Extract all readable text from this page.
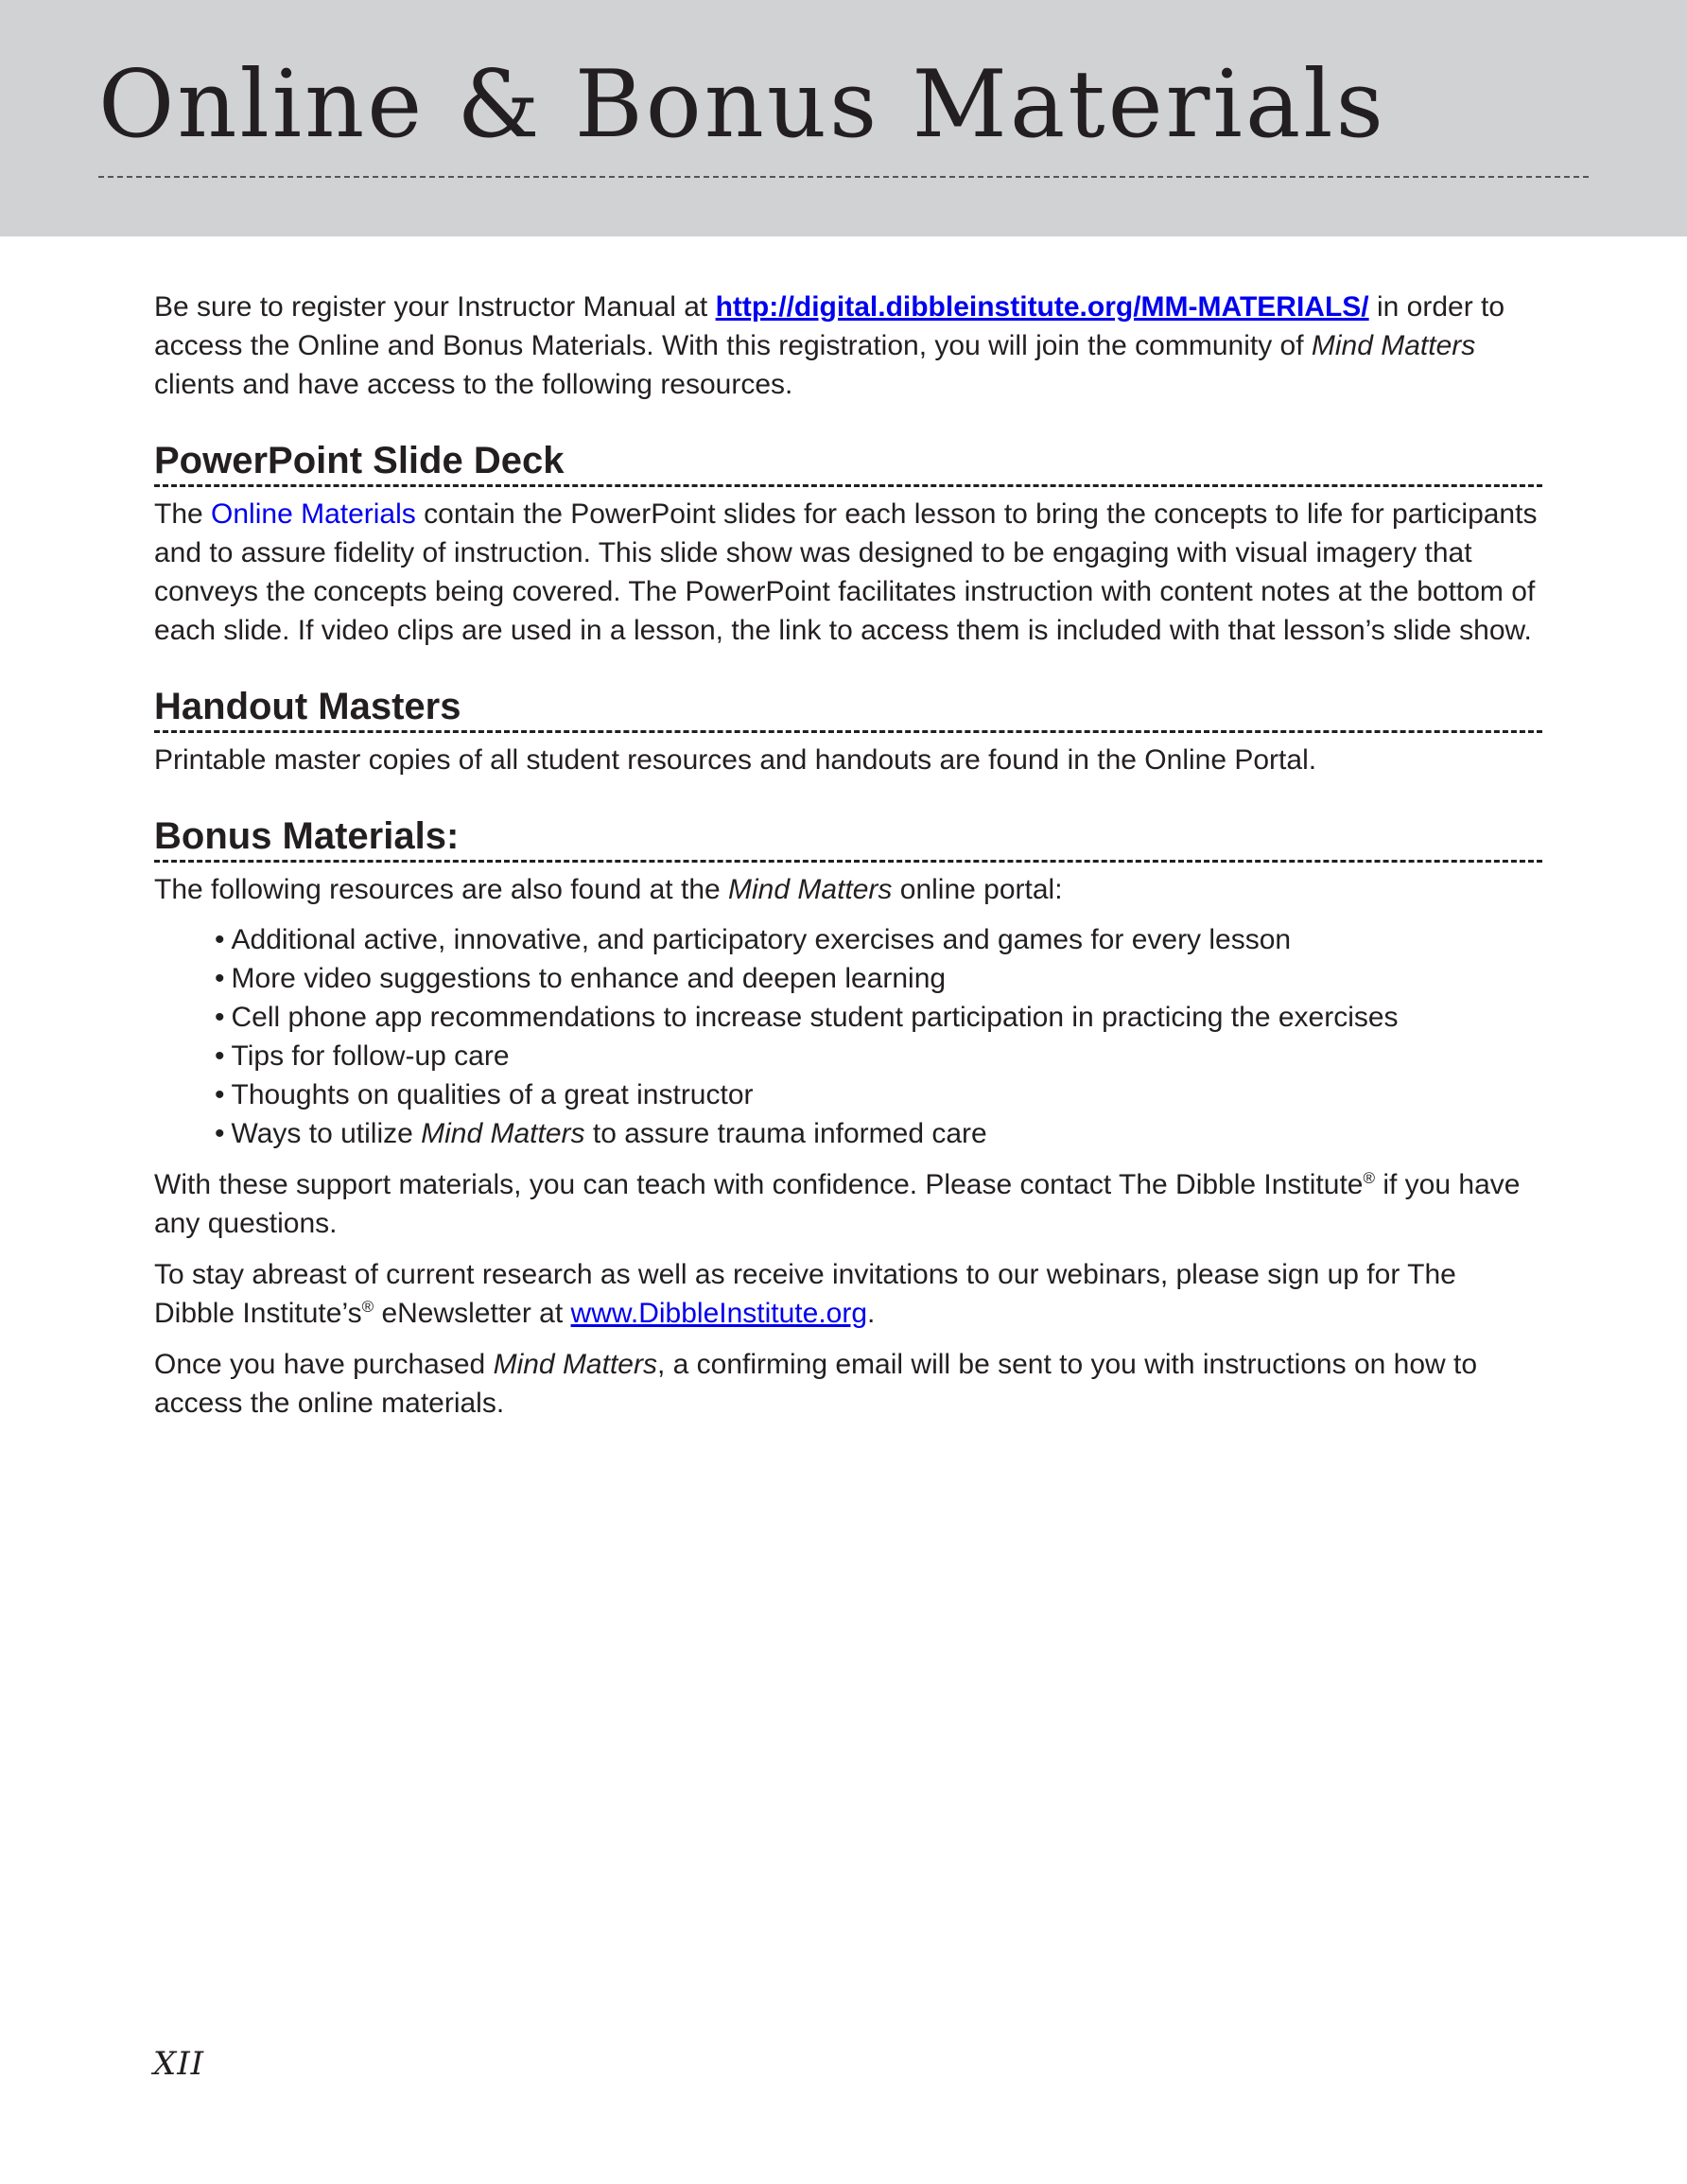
Online & Bonus Materials

Be sure to register your Instructor Manual at http://digital.dibbleinstitute.org/MM-MATERIALS/ in order to access the Online and Bonus Materials. With this registration, you will join the community of Mind Matters clients and have access to the following resources.

PowerPoint Slide Deck

The Online Materials contain the PowerPoint slides for each lesson to bring the concepts to life for participants and to assure fidelity of instruction. This slide show was designed to be engaging with visual imagery that conveys the concepts being covered. The PowerPoint facilitates instruction with content notes at the bottom of each slide. If video clips are used in a lesson, the link to access them is included with that lesson’s slide show.

Handout Masters

Printable master copies of all student resources and handouts are found in the Online Portal.

Bonus Materials:

The following resources are also found at the Mind Matters online portal:

• Additional active, innovative, and participatory exercises and games for every lesson
• More video suggestions to enhance and deepen learning
• Cell phone app recommendations to increase student participation in practicing the exercises
• Tips for follow-up care
• Thoughts on qualities of a great instructor
• Ways to utilize Mind Matters to assure trauma informed care

With these support materials, you can teach with confidence. Please contact The Dibble Institute® if you have any questions.

To stay abreast of current research as well as receive invitations to our webinars, please sign up for The Dibble Institute’s® eNewsletter at www.DibbleInstitute.org.

Once you have purchased Mind Matters, a confirming email will be sent to you with instructions on how to access the online materials.

XII
